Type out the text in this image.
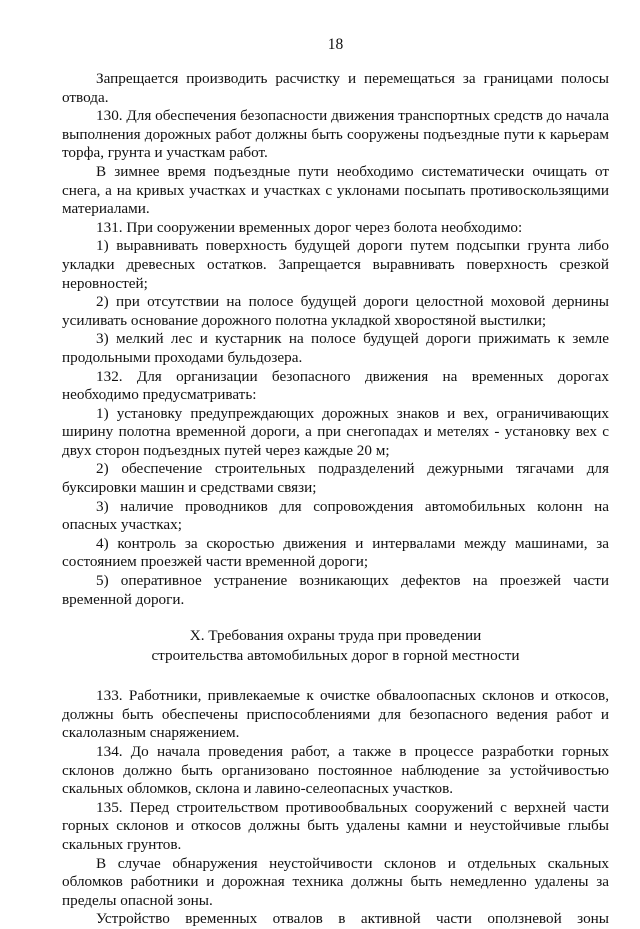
18

Запрещается производить расчистку и перемещаться за границами полосы отвода.

130. Для обеспечения безопасности движения транспортных средств до начала выполнения дорожных работ должны быть сооружены подъездные пути к карьерам торфа, грунта и участкам работ.

В зимнее время подъездные пути необходимо систематически очищать от снега, а на кривых участках и участках с уклонами посыпать противоскользящими материалами.

131. При сооружении временных дорог через болота необходимо:

1) выравнивать поверхность будущей дороги путем подсыпки грунта либо укладки древесных остатков. Запрещается выравнивать поверхность срезкой неровностей;

2) при отсутствии на полосе будущей дороги целостной моховой дернины усиливать основание дорожного полотна укладкой хворостяной выстилки;

3) мелкий лес и кустарник на полосе будущей дороги прижимать к земле продольными проходами бульдозера.

132. Для организации безопасного движения на временных дорогах необходимо предусматривать:

1) установку предупреждающих дорожных знаков и вех, ограничивающих ширину полотна временной дороги, а при снегопадах и метелях - установку вех с двух сторон подъездных путей через каждые 20 м;

2) обеспечение строительных подразделений дежурными тягачами для буксировки машин и средствами связи;

3) наличие проводников для сопровождения автомобильных колонн на опасных участках;

4) контроль за скоростью движения и интервалами между машинами, за состоянием проезжей части временной дороги;

5) оперативное устранение возникающих дефектов на проезжей части временной дороги.

X. Требования охраны труда при проведении
строительства автомобильных дорог в горной местности

133. Работники, привлекаемые к очистке обвалоопасных склонов и откосов, должны быть обеспечены приспособлениями для безопасного ведения работ и скалолазным снаряжением.

134. До начала проведения работ, а также в процессе разработки горных склонов должно быть организовано постоянное наблюдение за устойчивостью скальных обломков, склона и лавино-селеопасных участков.

135. Перед строительством противообвальных сооружений с верхней части горных склонов и откосов должны быть удалены камни и неустойчивые глыбы скальных грунтов.

В случае обнаружения неустойчивости склонов и отдельных скальных обломков работники и дорожная техника должны быть немедленно удалены за пределы опасной зоны.

Устройство временных отвалов в активной части оползневой зоны
